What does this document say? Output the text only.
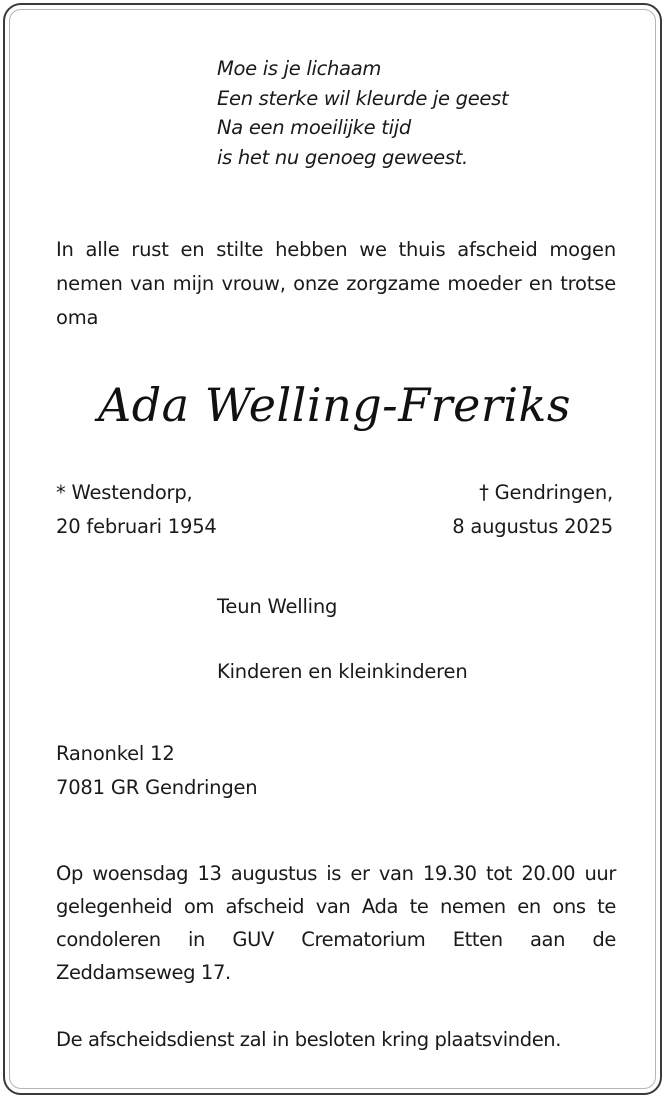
Moe is je lichaam
Een sterke wil kleurde je geest
Na een moeilijke tijd
is het nu genoeg geweest.
In alle rust en stilte hebben we thuis afscheid mogen nemen van mijn vrouw, onze zorgzame moeder en trotse oma
Ada Welling-Freriks
* Westendorp,
20 februari 1954
† Gendringen,
8 augustus 2025
Teun Welling
Kinderen en kleinkinderen
Ranonkel 12
7081 GR Gendringen
Op woensdag 13 augustus is er van 19.30 tot 20.00 uur gelegenheid om afscheid van Ada te nemen en ons te condoleren in GUV Crematorium Etten aan de Zeddamseweg 17.
De afscheidsdienst zal in besloten kring plaatsvinden.
